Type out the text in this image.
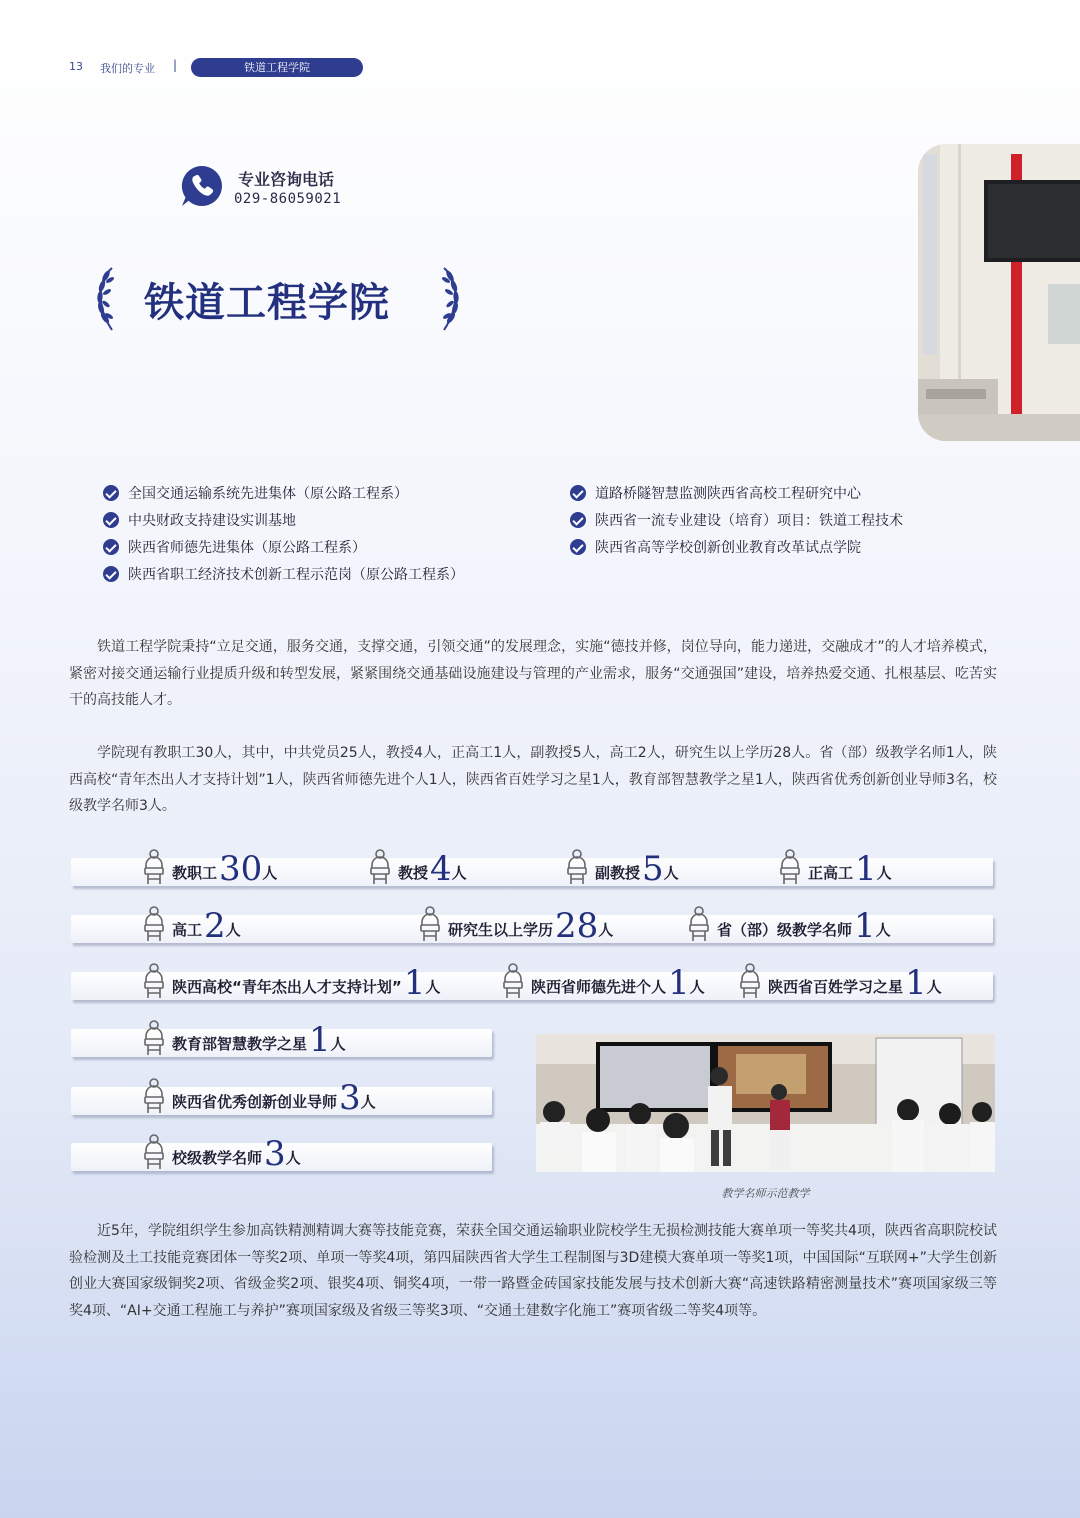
13 我们的专业 |	铁道工程学院
专业咨询电话
029-86059021
铁道工程学院
全国交通运输系统先进集体（原公路工程系）
中央财政支持建设实训基地
陕西省师德先进集体（原公路工程系）
陕西省职工经济技术创新工程示范岗（原公路工程系）
道路桥隧智慧监测陕西省高校工程研究中心
陕西省一流专业建设（培育）项目：铁道工程技术
陕西省高等学校创新创业教育改革试点学院

铁道工程学院秉持“立足交通，服务交通，支撑交通，引领交通”的发展理念，实施“德技并修，岗位导向，能力递进，交融成才”的人才培养模式，紧密对接交通运输行业提质升级和转型发展，紧紧围绕交通基础设施建设与管理的产业需求，服务“交通强国”建设，培养热爱交通、扎根基层、吃苦实干的高技能人才。

学院现有教职工30人，其中，中共党员25人，教授4人，正高工1人，副教授5人，高工2人，研究生以上学历28人。省（部）级教学名师1人，陕西高校“青年杰出人才支持计划”1人，陕西省师德先进个人1人，陕西省百姓学习之星1人，教育部智慧教学之星1人，陕西省优秀创新创业导师3名，校级教学名师3人。

教职工 30 人	教授 4 人	副教授 5 人	正高工 1 人
高工 2 人	研究生以上学历 28 人	省（部）级教学名师 1 人
陕西高校“青年杰出人才支持计划” 1 人	陕西省师德先进个人 1 人	陕西省百姓学习之星 1 人
教育部智慧教学之星 1 人
陕西省优秀创新创业导师 3 人
校级教学名师 3 人
教学名师示范教学

近5年，学院组织学生参加高铁精测精调大赛等技能竞赛，荣获全国交通运输职业院校学生无损检测技能大赛单项一等奖共4项，陕西省高职院校试验检测及土工技能竞赛团体一等奖2项、单项一等奖4项，第四届陕西省大学生工程制图与3D建模大赛单项一等奖1项，中国国际“互联网+”大学生创新创业大赛国家级铜奖2项、省级金奖2项、银奖4项、铜奖4项，一带一路暨金砖国家技能发展与技术创新大赛“高速铁路精密测量技术”赛项国家级三等奖4项、“AI+交通工程施工与养护”赛项国家级及省级三等奖3项、“交通土建数字化施工”赛项省级二等奖4项等。
